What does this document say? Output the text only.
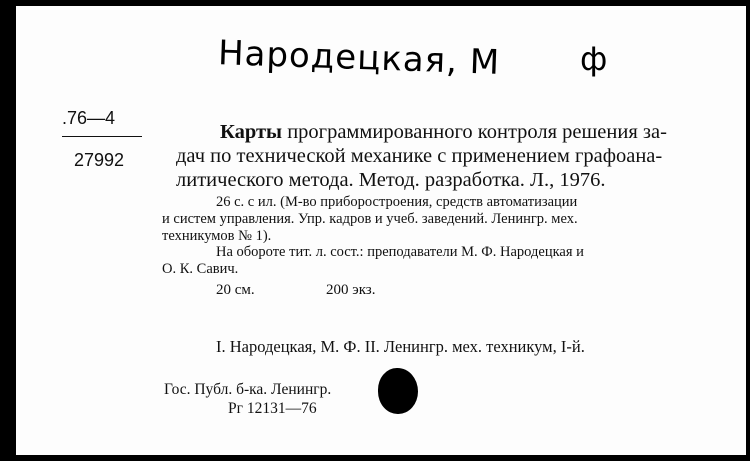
Народецкая, М ф
.76—4
27992
Карты программированного контроля решения за-
дач по технической механике с применением графоана-
литического метода. Метод. разработка. Л., 1976.
26 с. с ил. (М-во приборостроения, средств автоматизации
и систем управления. Упр. кадров и учеб. заведений. Ленингр. мех.
техникумов № 1).
На обороте тит. л. сост.: преподаватели М. Ф. Народецкая и
О. К. Савич.
20 см.	200 экз.
I. Народецкая, М. Ф. II. Ленингр. мех. техникум, I-й.
Гос. Публ. б-ка. Ленингр.
Рг 12131—76
